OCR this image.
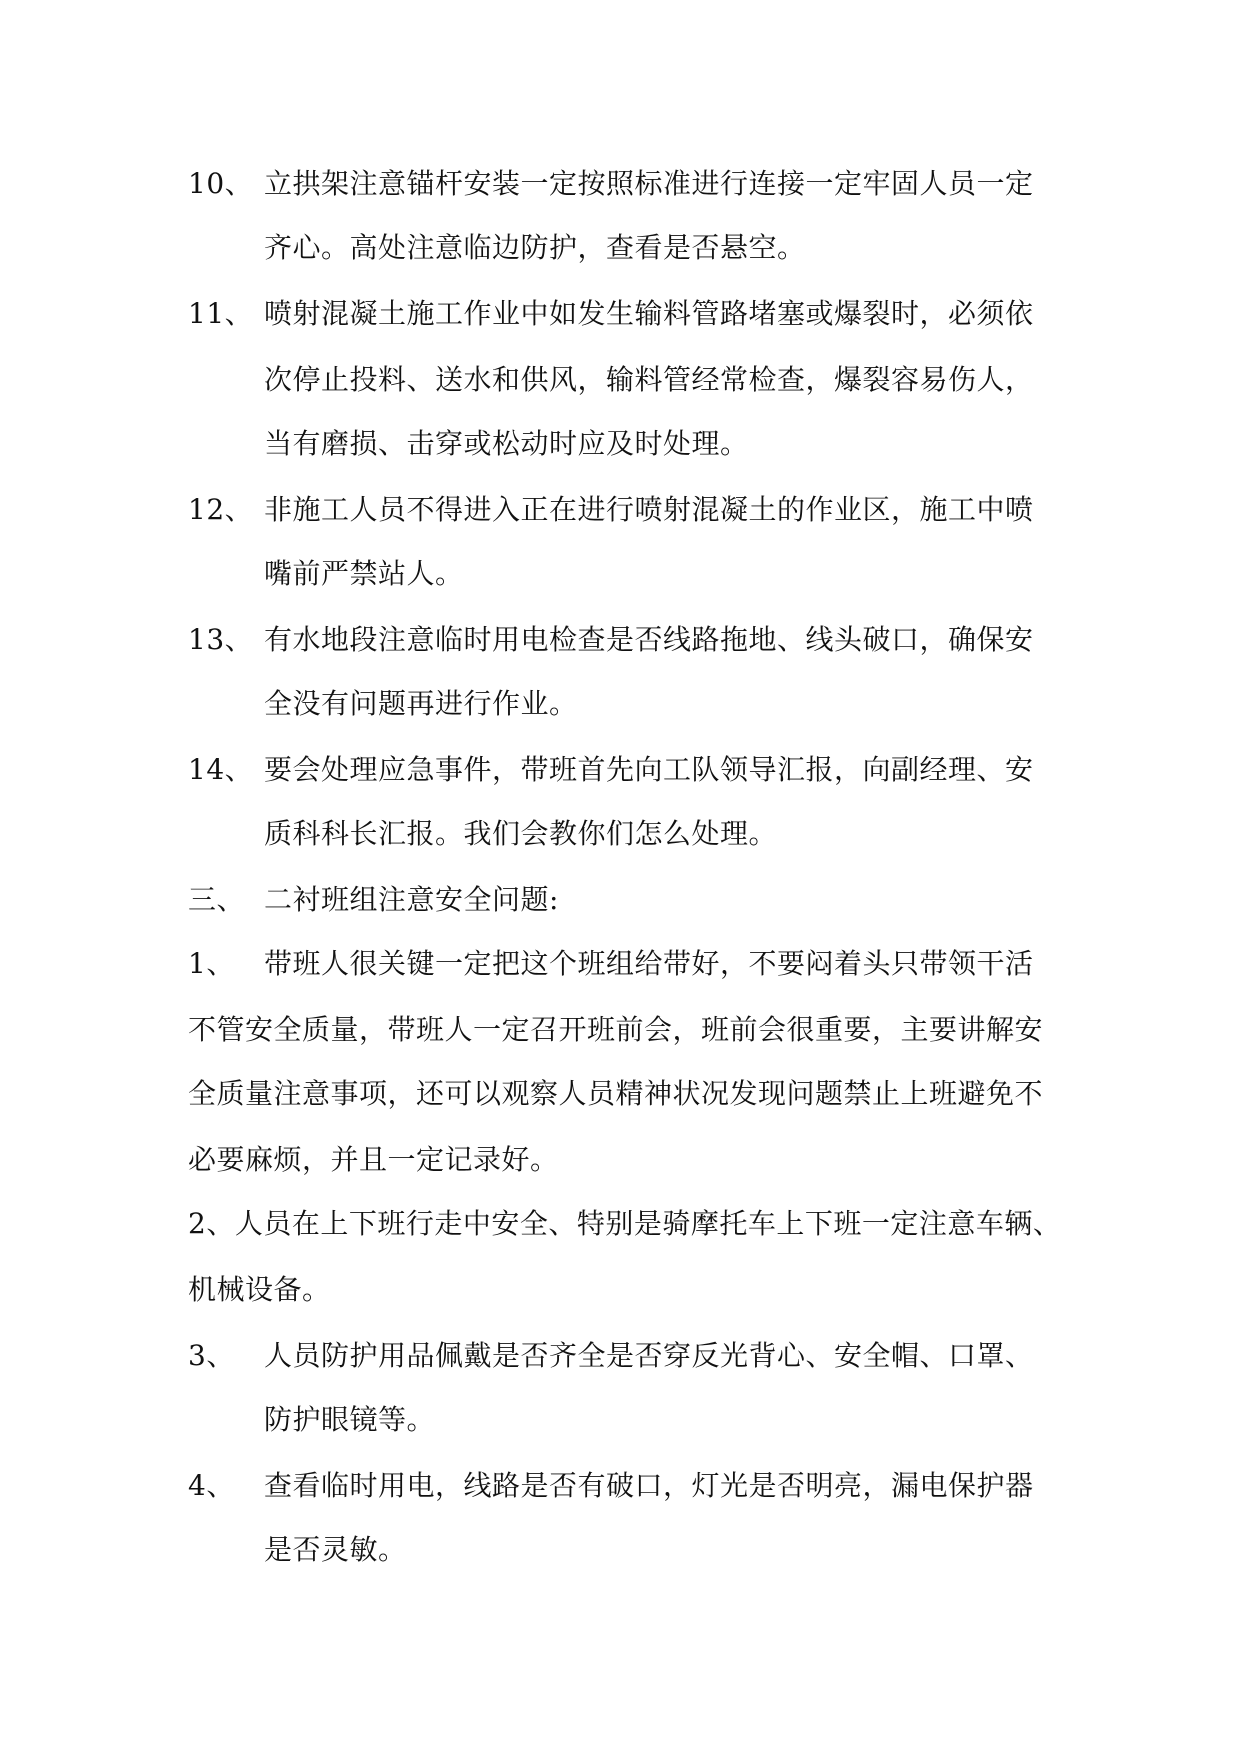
10、 立拱架注意锚杆安装一定按照标准进行连接一定牢固人员一定
齐心。高处注意临边防护，查看是否悬空。
11、 喷射混凝土施工作业中如发生输料管路堵塞或爆裂时，必须依
次停止投料、送水和供风，输料管经常检查，爆裂容易伤人，
当有磨损、击穿或松动时应及时处理。
12、 非施工人员不得进入正在进行喷射混凝土的作业区，施工中喷
嘴前严禁站人。
13、 有水地段注意临时用电检查是否线路拖地、线头破口，确保安
全没有问题再进行作业。
14、 要会处理应急事件，带班首先向工队领导汇报，向副经理、安
质科科长汇报。我们会教你们怎么处理。
三、 二衬班组注意安全问题:
1、 带班人很关键一定把这个班组给带好，不要闷着头只带领干活
不管安全质量，带班人一定召开班前会，班前会很重要，主要讲解安
全质量注意事项，还可以观察人员精神状况发现问题禁止上班避免不
必要麻烦，并且一定记录好。
2、人员在上下班行走中安全、特别是骑摩托车上下班一定注意车辆、
机械设备。
3、 人员防护用品佩戴是否齐全是否穿反光背心、安全帽、口罩、
防护眼镜等。
4、 查看临时用电，线路是否有破口，灯光是否明亮，漏电保护器
是否灵敏。
